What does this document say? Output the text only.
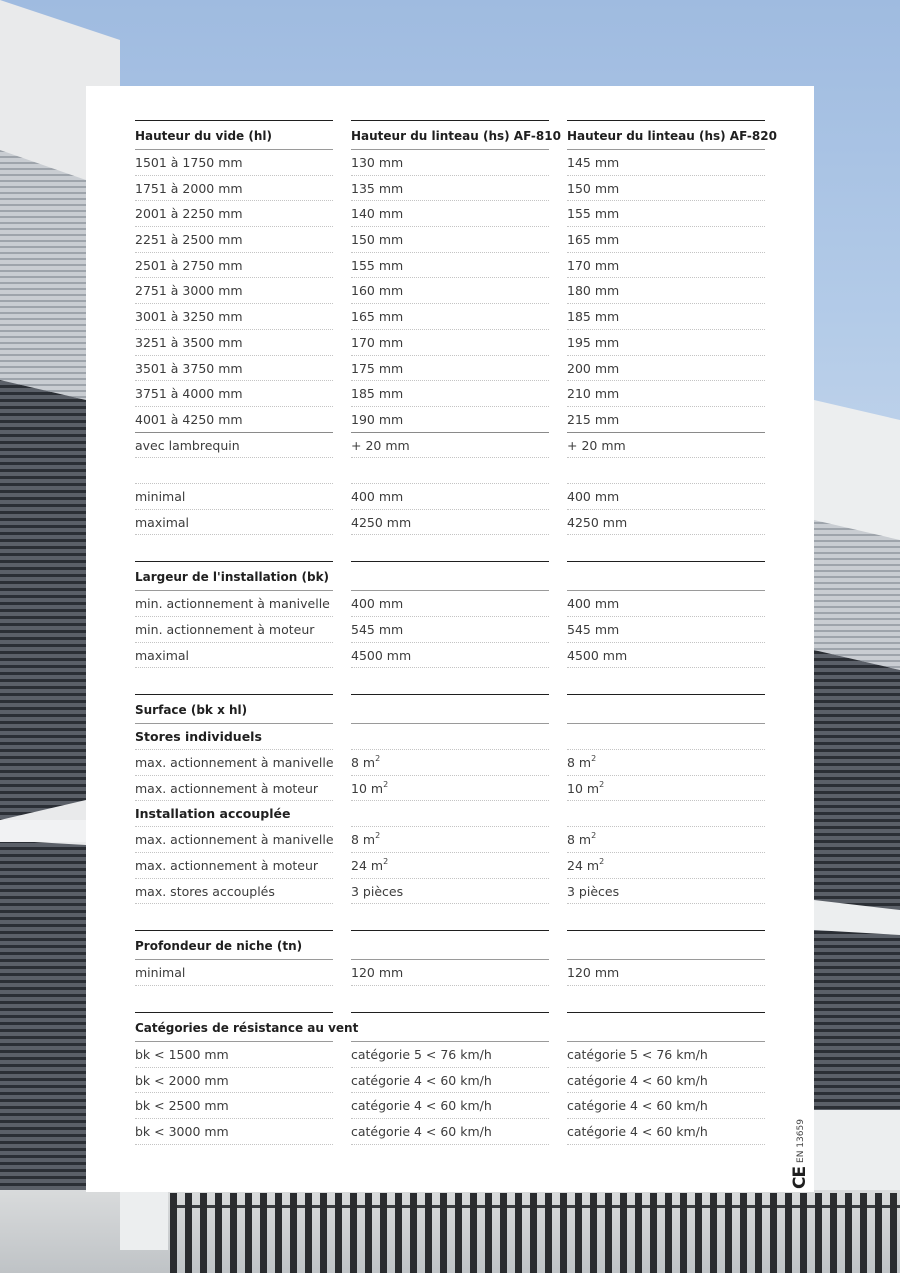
Hauteur du vide (hl)
1501 à 1750 mm
1751 à 2000 mm
2001 à 2250 mm
2251 à 2500 mm
2501 à 2750 mm
2751 à 3000 mm
3001 à 3250 mm
3251 à 3500 mm
3501 à 3750 mm
3751 à 4000 mm
4001 à 4250 mm
avec lambrequin
minimal
maximal
Largeur de l'installation (bk)
min. actionnement à manivelle
min. actionnement à moteur
maximal
Surface (bk x hl)
Stores individuels
max. actionnement à manivelle
max. actionnement à moteur
Installation accouplée
max. actionnement à manivelle
max. actionnement à moteur
max. stores accouplés
Profondeur de niche (tn)
minimal
Catégories de résistance au vent
bk < 1500 mm
bk < 2000 mm
bk < 2500 mm
bk < 3000 mm
Hauteur du linteau (hs) AF-810
130 mm
135 mm
140 mm
150 mm
155 mm
160 mm
165 mm
170 mm
175 mm
185 mm
190 mm
+ 20 mm
400 mm
4250 mm
400 mm
545 mm
4500 mm
8 $m^2$
10 $m^2$
8 $m^2$
24 $m^2$
3 pièces
120 mm
catégorie 5 < 76 km/h
catégorie 4 < 60 km/h
catégorie 4 < 60 km/h
catégorie 4 < 60 km/h
Hauteur du linteau (hs) AF-820
145 mm
150 mm
155 mm
165 mm
170 mm
180 mm
185 mm
195 mm
200 mm
210 mm
215 mm
+ 20 mm
400 mm
4250 mm
400 mm
545 mm
4500 mm
8 $m^2$
10 $m^2$
8 $m^2$
24 $m^2$
3 pièces
120 mm
catégorie 5 < 76 km/h
catégorie 4 < 60 km/h
catégorie 4 < 60 km/h
catégorie 4 < 60 km/h	EN 13659
CE
